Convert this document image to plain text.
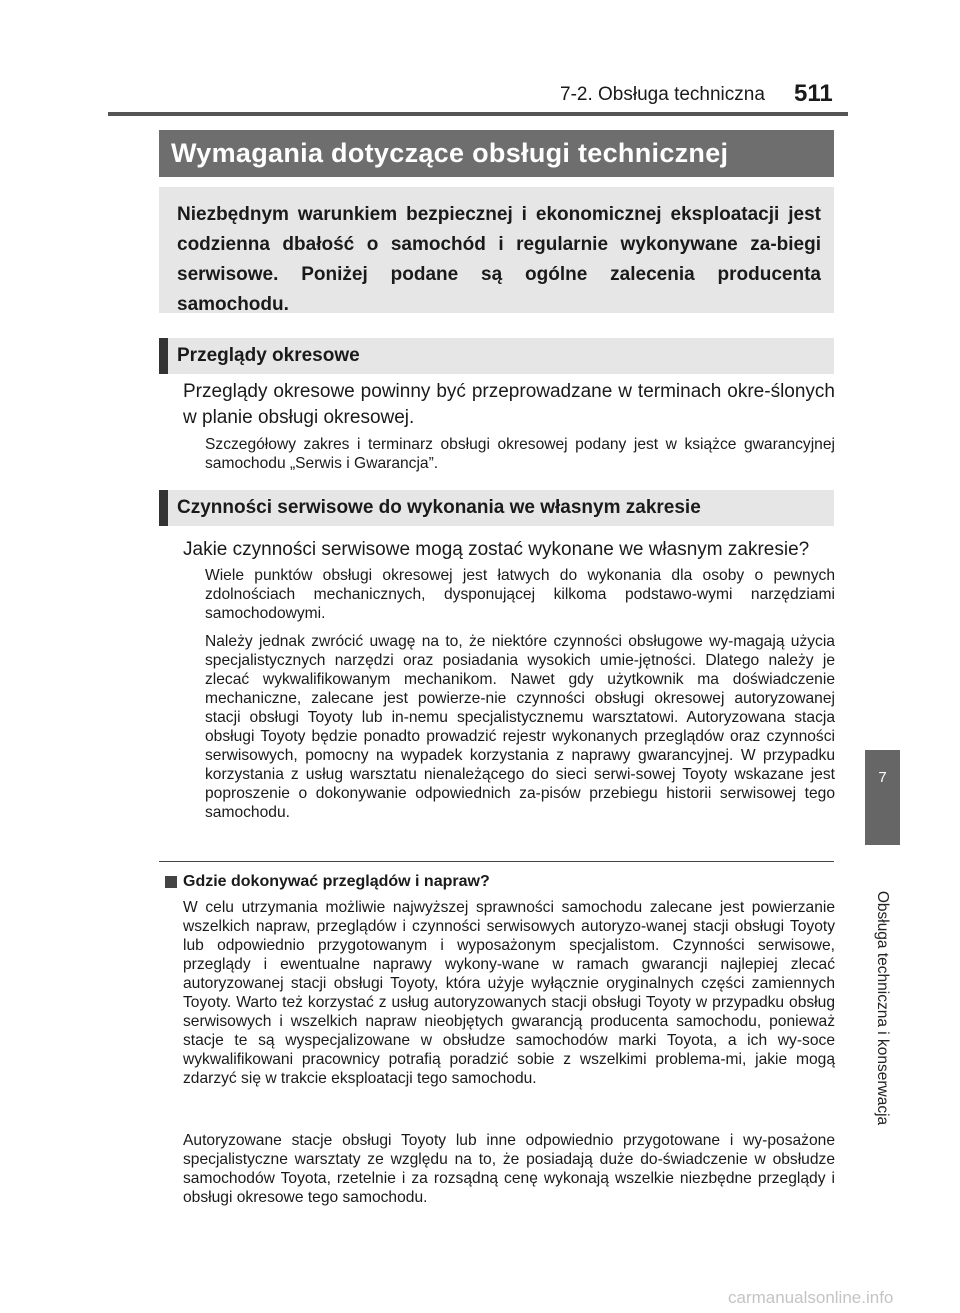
7-2. Obsługa techniczna 511
Wymagania dotyczące obsługi technicznej
Niezbędnym warunkiem bezpiecznej i ekonomicznej eksploatacji jest codzienna dbałość o samochód i regularnie wykonywane za-biegi serwisowe. Poniżej podane są ogólne zalecenia producenta samochodu.
Przeglądy okresowe
Przeglądy okresowe powinny być przeprowadzane w terminach okre-ślonych w planie obsługi okresowej.
Szczegółowy zakres i terminarz obsługi okresowej podany jest w książce gwarancyjnej samochodu „Serwis i Gwarancja”.
Czynności serwisowe do wykonania we własnym zakresie
Jakie czynności serwisowe mogą zostać wykonane we własnym zakresie?
Wiele punktów obsługi okresowej jest łatwych do wykonania dla osoby o pewnych zdolnościach mechanicznych, dysponującej kilkoma podstawo-wymi narzędziami samochodowymi.
Należy jednak zwrócić uwagę na to, że niektóre czynności obsługowe wy-magają użycia specjalistycznych narzędzi oraz posiadania wysokich umie-jętności. Dlatego należy je zlecać wykwalifikowanym mechanikom. Nawet gdy użytkownik ma doświadczenie mechaniczne, zalecane jest powierze-nie czynności obsługi okresowej autoryzowanej stacji obsługi Toyoty lub in-nemu specjalistycznemu warsztatowi. Autoryzowana stacja obsługi Toyoty będzie ponadto prowadzić rejestr wykonanych przeglądów oraz czynności serwisowych, pomocny na wypadek korzystania z naprawy gwarancyjnej. W przypadku korzystania z usług warsztatu nienależącego do sieci serwi-sowej Toyoty wskazane jest poproszenie o dokonywanie odpowiednich za-pisów przebiegu historii serwisowej tego samochodu.
Gdzie dokonywać przeglądów i napraw?
W celu utrzymania możliwie najwyższej sprawności samochodu zalecane jest powierzanie wszelkich napraw, przeglądów i czynności serwisowych autoryzo-wanej stacji obsługi Toyoty lub odpowiednio przygotowanym i wyposażonym specjalistom. Czynności serwisowe, przeglądy i ewentualne naprawy wykony-wane w ramach gwarancji najlepiej zlecać autoryzowanej stacji obsługi Toyoty, która użyje wyłącznie oryginalnych części zamiennych Toyoty. Warto też korzystać z usług autoryzowanych stacji obsługi Toyoty w przypadku obsług serwisowych i wszelkich napraw nieobjętych gwarancją producenta samochodu, ponieważ stacje te są wyspecjalizowane w obsłudze samochodów marki Toyota, a ich wy-soce wykwalifikowani pracownicy potrafią poradzić sobie z wszelkimi problema-mi, jakie mogą zdarzyć się w trakcie eksploatacji tego samochodu.
Autoryzowane stacje obsługi Toyoty lub inne odpowiednio przygotowane i wy-posażone specjalistyczne warsztaty ze względu na to, że posiadają duże do-świadczenie w obsłudze samochodów Toyota, rzetelnie i za rozsądną cenę wykonają wszelkie niezbędne przeglądy i obsługi okresowe tego samochodu.
7
Obsługa techniczna i konserwacja
carmanualsonline.info
